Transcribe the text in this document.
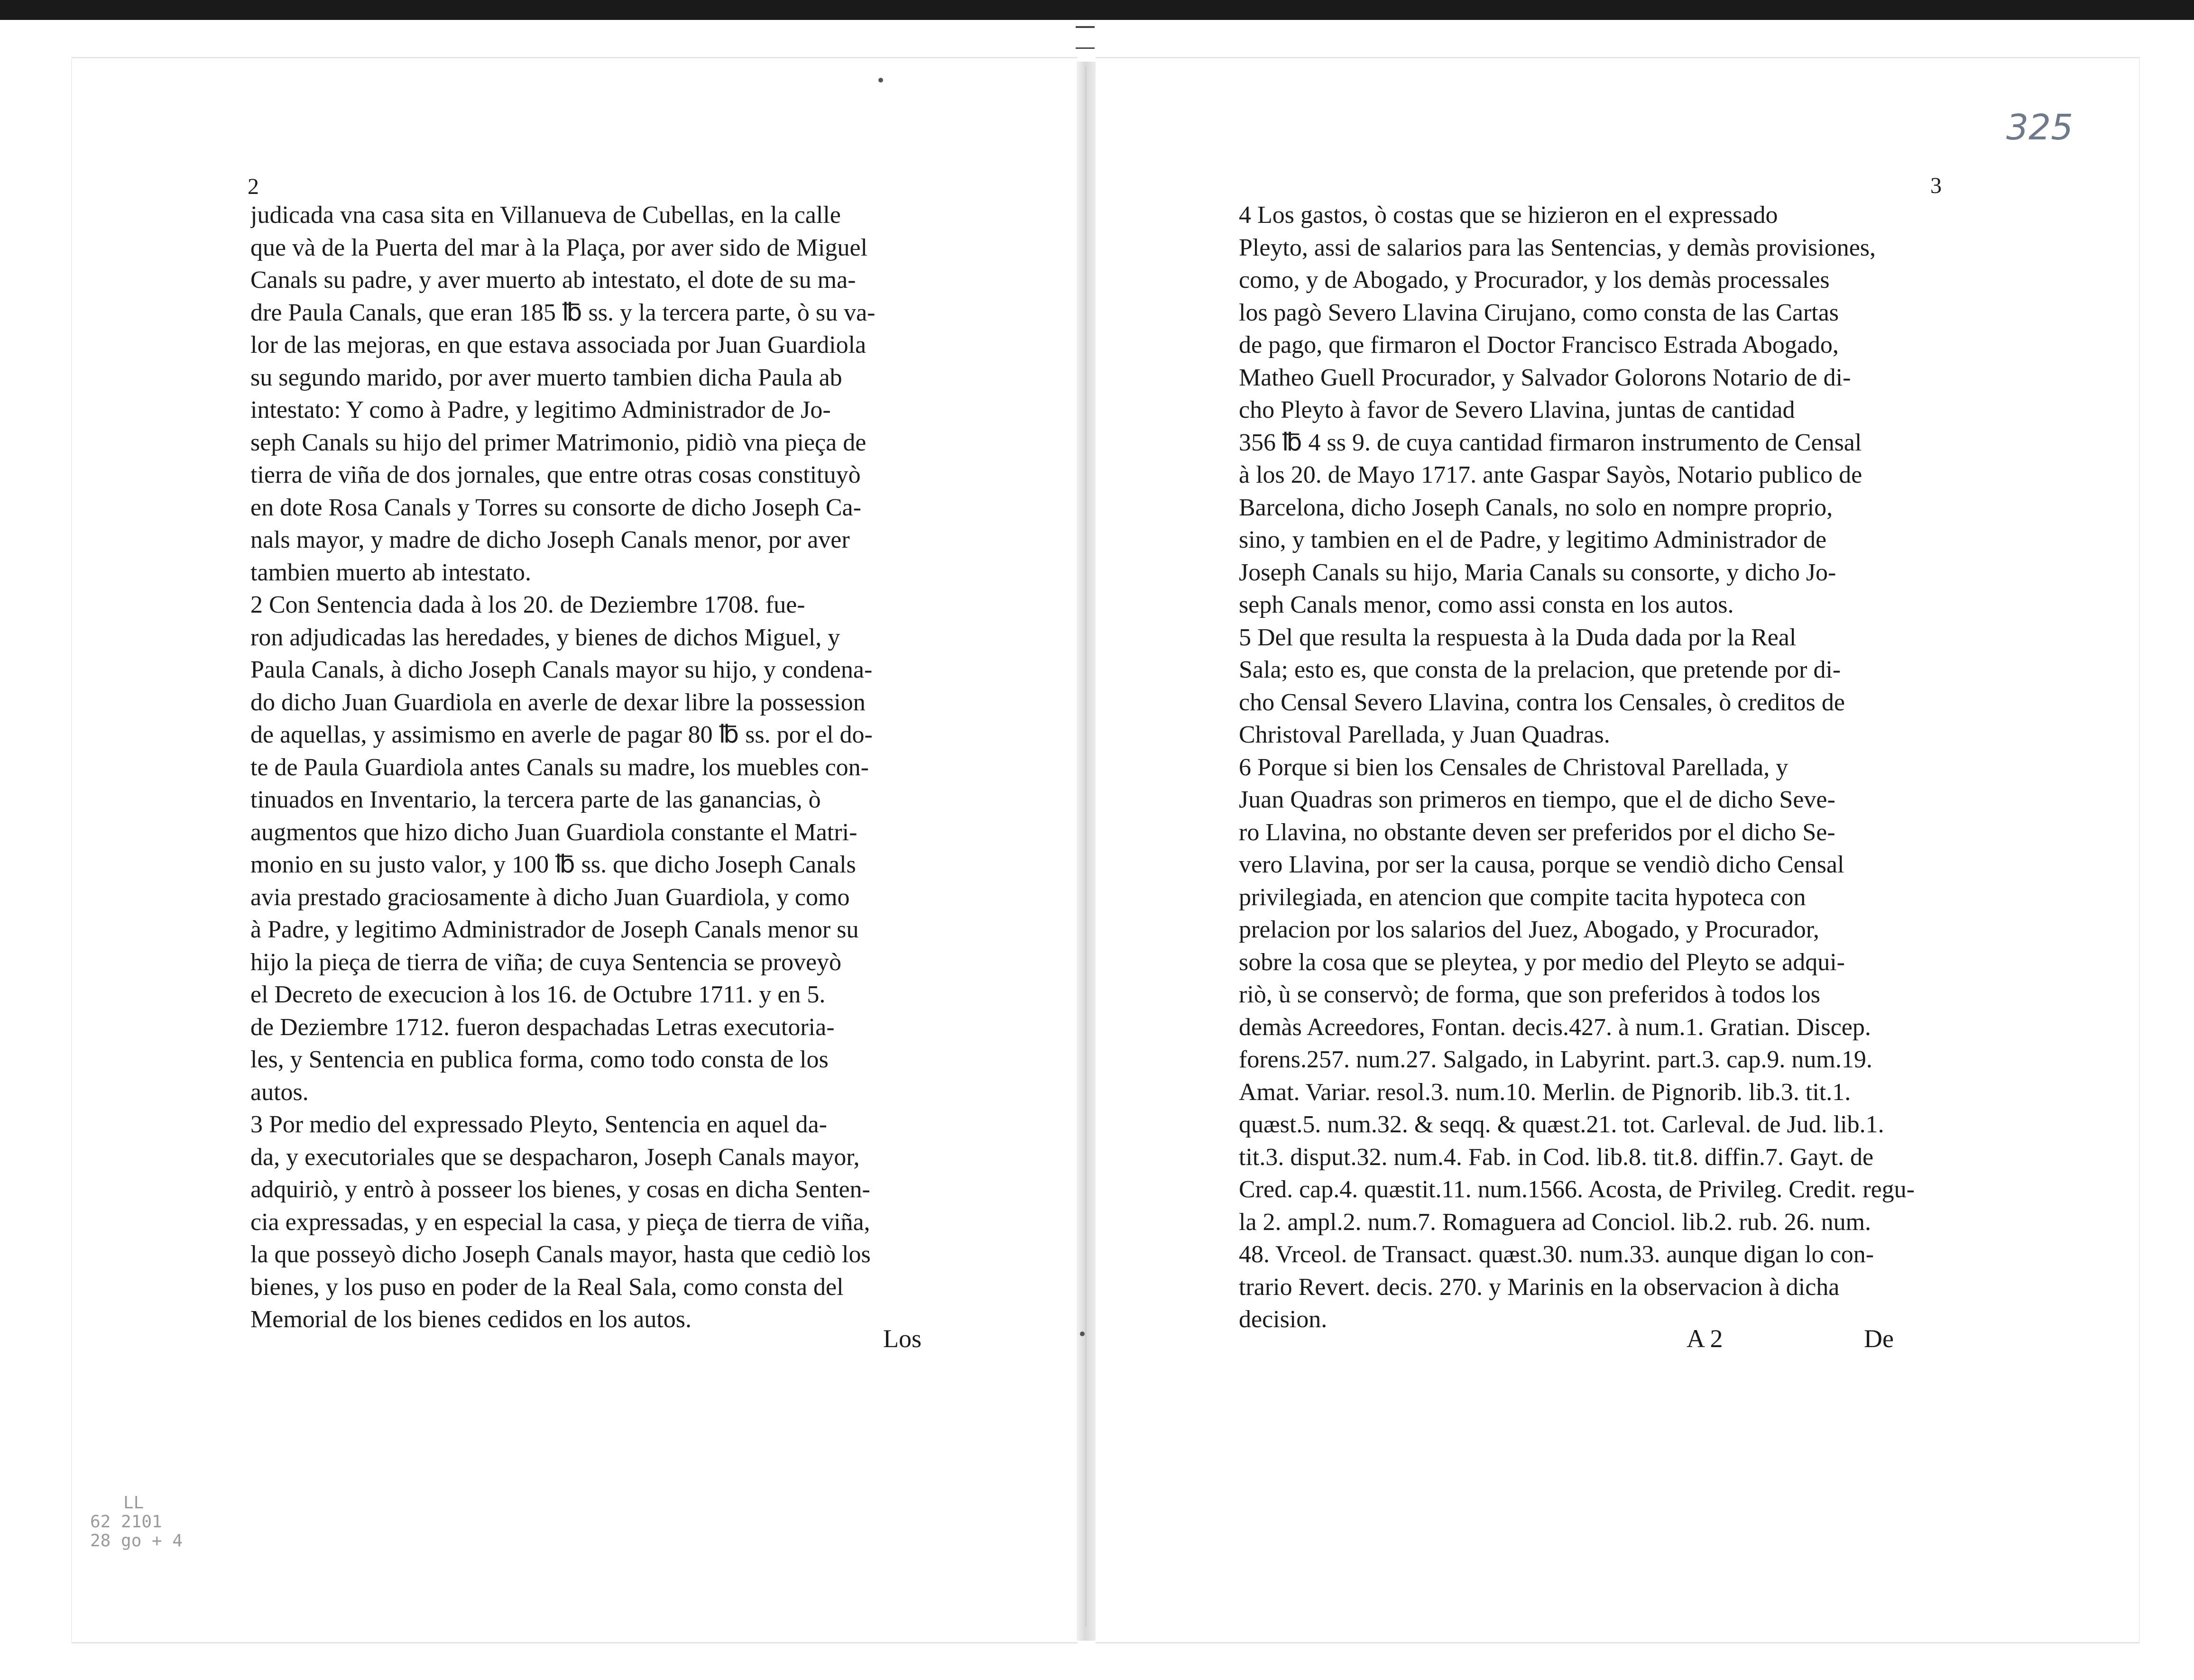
2
judicada vna casa sita en Villanueva de Cubellas, en la calle
que và de la Puerta del mar à la Plaça, por aver sido de Miguel
Canals su padre, y aver muerto ab intestato, el dote de su ma-
dre Paula Canals, que eran 185 ℔ ss. y la tercera parte, ò su va-
lor de las mejoras, en que estava associada por Juan Guardiola
su segundo marido, por aver muerto tambien dicha Paula ab
intestato: Y como à Padre, y legitimo Administrador de Jo-
seph Canals su hijo del primer Matrimonio, pidiò vna pieça de
tierra de viña de dos jornales, que entre otras cosas constituyò
en dote Rosa Canals y Torres su consorte de dicho Joseph Ca-
nals mayor, y madre de dicho Joseph Canals menor, por aver
tambien muerto ab intestato.
2 Con Sentencia dada à los 20. de Deziembre 1708. fue-
ron adjudicadas las heredades, y bienes de dichos Miguel, y
Paula Canals, à dicho Joseph Canals mayor su hijo, y condena-
do dicho Juan Guardiola en averle de dexar libre la possession
de aquellas, y assimismo en averle de pagar 80 ℔ ss. por el do-
te de Paula Guardiola antes Canals su madre, los muebles con-
tinuados en Inventario, la tercera parte de las ganancias, ò
augmentos que hizo dicho Juan Guardiola constante el Matri-
monio en su justo valor, y 100 ℔ ss. que dicho Joseph Canals
avia prestado graciosamente à dicho Juan Guardiola, y como
à Padre, y legitimo Administrador de Joseph Canals menor su
hijo la pieça de tierra de viña; de cuya Sentencia se proveyò
el Decreto de execucion à los 16. de Octubre 1711. y en 5.
de Deziembre 1712. fueron despachadas Letras executoria-
les, y Sentencia en publica forma, como todo consta de los
autos.
3 Por medio del expressado Pleyto, Sentencia en aquel da-
da, y executoriales que se despacharon, Joseph Canals mayor,
adquiriò, y entrò à posseer los bienes, y cosas en dicha Senten-
cia expressadas, y en especial la casa, y pieça de tierra de viña,
la que posseyò dicho Joseph Canals mayor, hasta que cediò los
bienes, y los puso en poder de la Real Sala, como consta del
Memorial de los bienes cedidos en los autos.
Los
LL
62 2101
28 go + 4
325
3
4 Los gastos, ò costas que se hizieron en el expressado
Pleyto, assi de salarios para las Sentencias, y demàs provisiones,
como, y de Abogado, y Procurador, y los demàs processales
los pagò Severo Llavina Cirujano, como consta de las Cartas
de pago, que firmaron el Doctor Francisco Estrada Abogado,
Matheo Guell Procurador, y Salvador Golorons Notario de di-
cho Pleyto à favor de Severo Llavina, juntas de cantidad
356 ℔ 4 ss 9. de cuya cantidad firmaron instrumento de Censal
à los 20. de Mayo 1717. ante Gaspar Sayòs, Notario publico de
Barcelona, dicho Joseph Canals, no solo en nompre proprio,
sino, y tambien en el de Padre, y legitimo Administrador de
Joseph Canals su hijo, Maria Canals su consorte, y dicho Jo-
seph Canals menor, como assi consta en los autos.
5 Del que resulta la respuesta à la Duda dada por la Real
Sala; esto es, que consta de la prelacion, que pretende por di-
cho Censal Severo Llavina, contra los Censales, ò creditos de
Christoval Parellada, y Juan Quadras.
6 Porque si bien los Censales de Christoval Parellada, y
Juan Quadras son primeros en tiempo, que el de dicho Seve-
ro Llavina, no obstante deven ser preferidos por el dicho Se-
vero Llavina, por ser la causa, porque se vendiò dicho Censal
privilegiada, en atencion que compite tacita hypoteca con
prelacion por los salarios del Juez, Abogado, y Procurador,
sobre la cosa que se pleytea, y por medio del Pleyto se adqui-
riò, ù se conservò; de forma, que son preferidos à todos los
demàs Acreedores, Fontan. decis.427. à num.1. Gratian. Discep.
forens.257. num.27. Salgado, in Labyrint. part.3. cap.9. num.19.
Amat. Variar. resol.3. num.10. Merlin. de Pignorib. lib.3. tit.1.
quæst.5. num.32. & seqq. & quæst.21. tot. Carleval. de Jud. lib.1.
tit.3. disput.32. num.4. Fab. in Cod. lib.8. tit.8. diffin.7. Gayt. de
Cred. cap.4. quæstit.11. num.1566. Acosta, de Privileg. Credit. regu-
la 2. ampl.2. num.7. Romaguera ad Conciol. lib.2. rub. 26. num.
48. Vrceol. de Transact. quæst.30. num.33. aunque digan lo con-
trario Revert. decis. 270. y Marinis en la observacion à dicha
decision.
A 2	De
